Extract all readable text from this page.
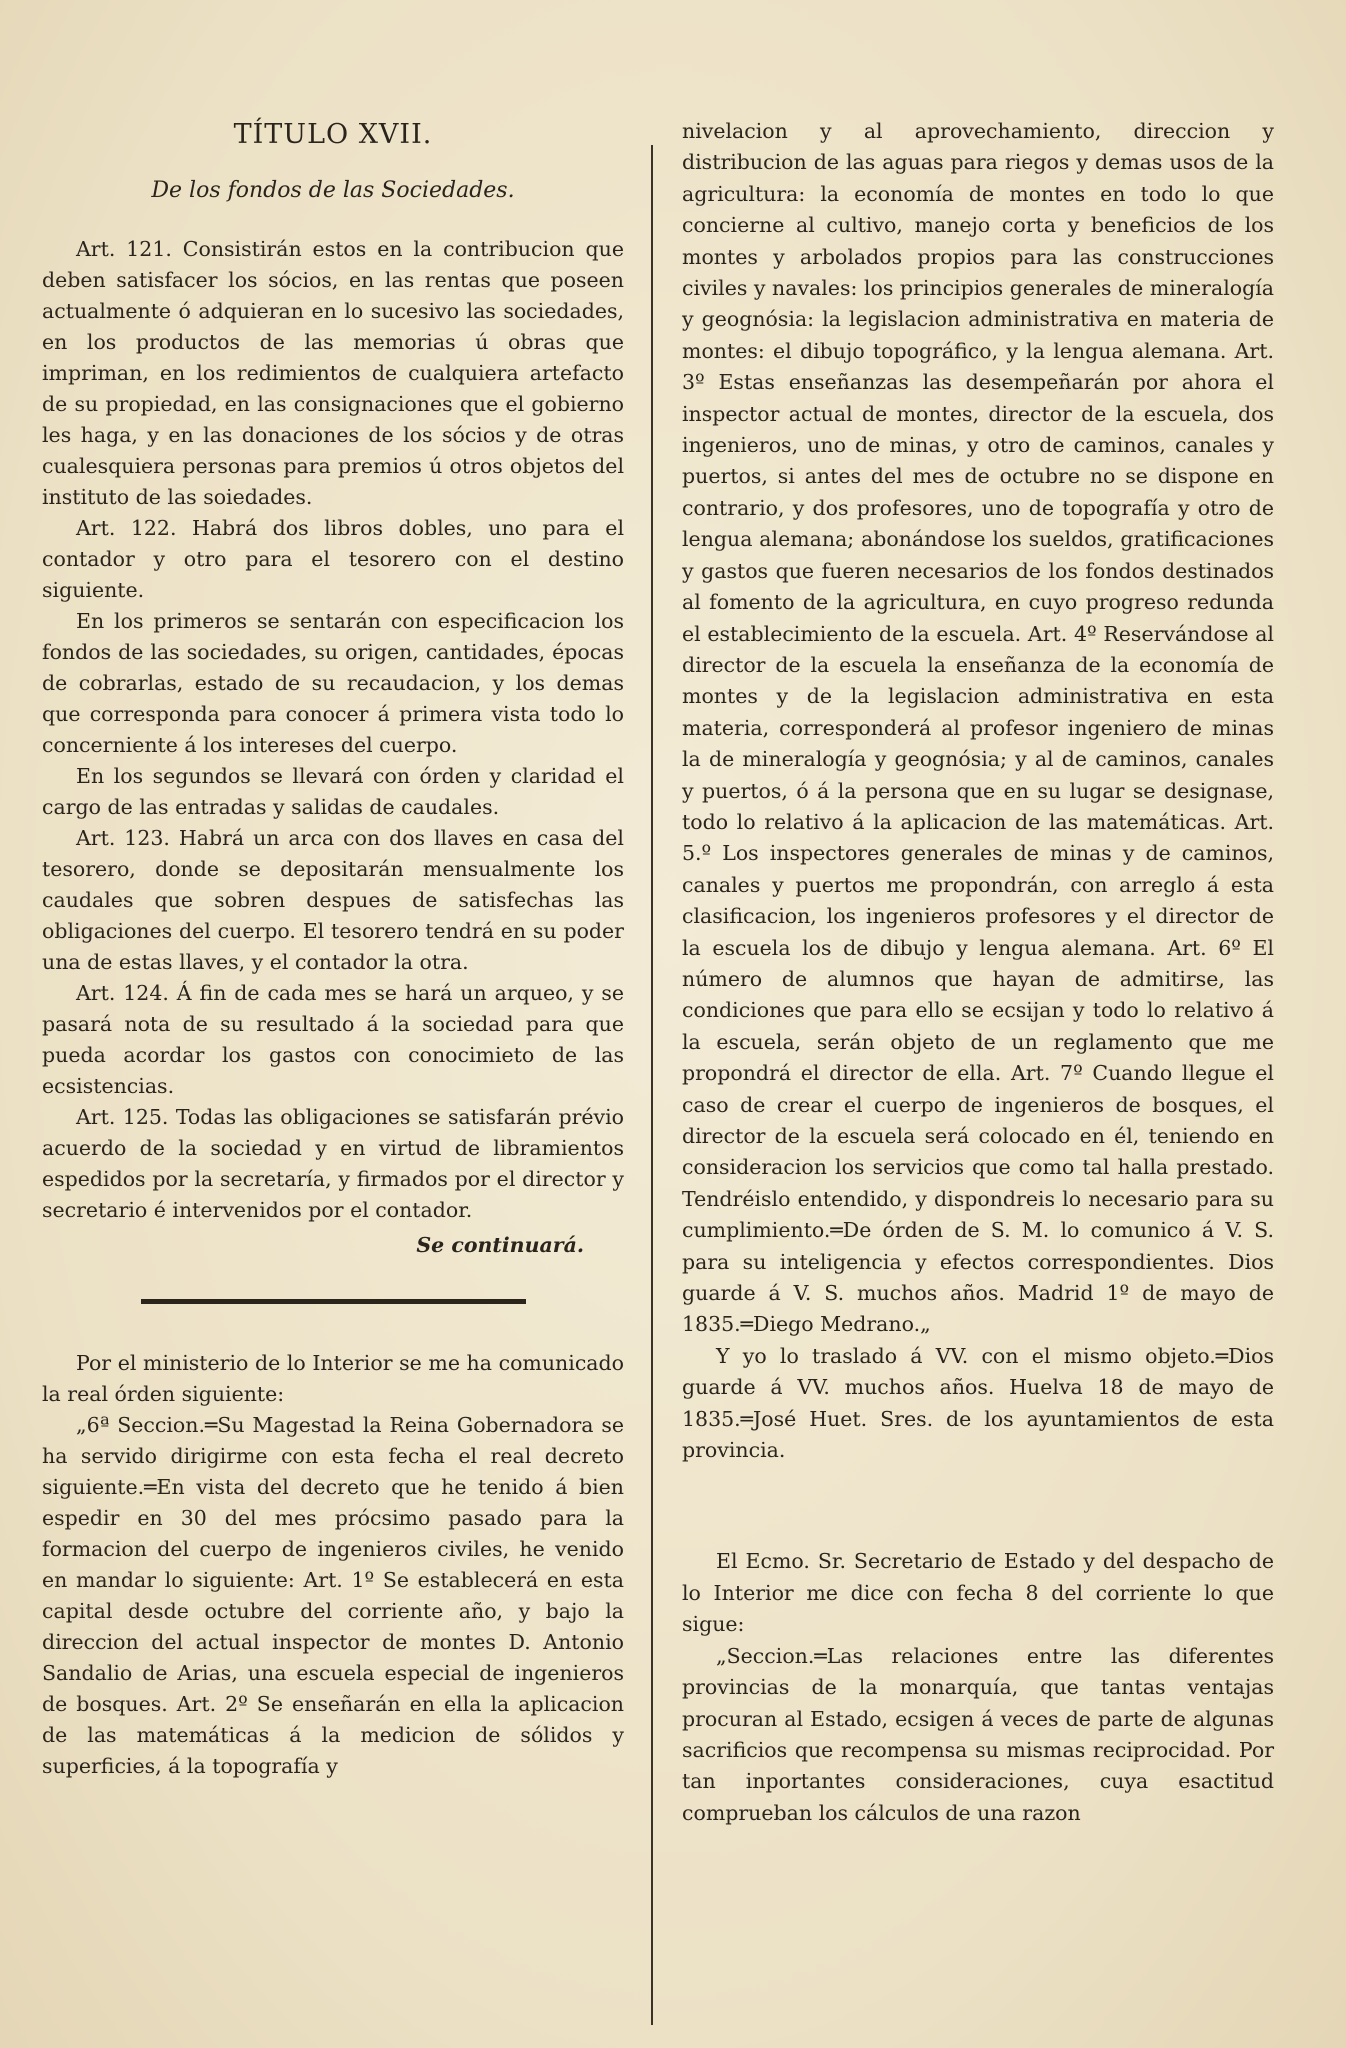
TÍTULO XVII.
De los fondos de las Sociedades.

Art. 121. Consistirán estos en la contribucion que deben satisfacer los sócios, en las rentas que poseen actualmente ó adquieran en lo sucesivo las sociedades, en los productos de las memorias ú obras que impriman, en los redimientos de cualquiera artefacto de su propiedad, en las consignaciones que el gobierno les haga, y en las donaciones de los sócios y de otras cualesquiera personas para premios ú otros objetos del instituto de las soiedades.

Art. 122. Habrá dos libros dobles, uno para el contador y otro para el tesorero con el destino siguiente.

En los primeros se sentarán con especificacion los fondos de las sociedades, su origen, cantidades, épocas de cobrarlas, estado de su recaudacion, y los demas que corresponda para conocer á primera vista todo lo concerniente á los intereses del cuerpo.

En los segundos se llevará con órden y claridad el cargo de las entradas y salidas de caudales.

Art. 123. Habrá un arca con dos llaves en casa del tesorero, donde se depositarán mensualmente los caudales que sobren despues de satisfechas las obligaciones del cuerpo. El tesorero tendrá en su poder una de estas llaves, y el contador la otra.

Art. 124. Á fin de cada mes se hará un arqueo, y se pasará nota de su resultado á la sociedad para que pueda acordar los gastos con conocimieto de las ecsistencias.

Art. 125. Todas las obligaciones se satisfarán prévio acuerdo de la sociedad y en virtud de libramientos espedidos por la secretaría, y firmados por el director y secretario é intervenidos por el contador.

Se continuará.

Por el ministerio de lo Interior se me ha comunicado la real órden siguiente:

„6ª Seccion.═Su Magestad la Reina Gobernadora se ha servido dirigirme con esta fecha el real decreto siguiente.═En vista del decreto que he tenido á bien espedir en 30 del mes prócsimo pasado para la formacion del cuerpo de ingenieros civiles, he venido en mandar lo siguiente: Art. 1º Se establecerá en esta capital desde octubre del corriente año, y bajo la direccion del actual inspector de montes D. Antonio Sandalio de Arias, una escuela especial de ingenieros de bosques. Art. 2º Se enseñarán en ella la aplicacion de las matemáticas á la medicion de sólidos y superficies, á la topografía y

nivelacion y al aprovechamiento, direccion y distribucion de las aguas para riegos y demas usos de la agricultura: la economía de montes en todo lo que concierne al cultivo, manejo corta y beneficios de los montes y arbolados propios para las construcciones civiles y navales: los principios generales de mineralogía y geognósia: la legislacion administrativa en materia de montes: el dibujo topográfico, y la lengua alemana. Art. 3º Estas enseñanzas las desempeñarán por ahora el inspector actual de montes, director de la escuela, dos ingenieros, uno de minas, y otro de caminos, canales y puertos, si antes del mes de octubre no se dispone en contrario, y dos profesores, uno de topografía y otro de lengua alemana; abonándose los sueldos, gratificaciones y gastos que fueren necesarios de los fondos destinados al fomento de la agricultura, en cuyo progreso redunda el establecimiento de la escuela. Art. 4º Reservándose al director de la escuela la enseñanza de la economía de montes y de la legislacion administrativa en esta materia, corresponderá al profesor ingeniero de minas la de mineralogía y geognósia; y al de caminos, canales y puertos, ó á la persona que en su lugar se designase, todo lo relativo á la aplicacion de las matemáticas. Art. 5.º Los inspectores generales de minas y de caminos, canales y puertos me propondrán, con arreglo á esta clasificacion, los ingenieros profesores y el director de la escuela los de dibujo y lengua alemana. Art. 6º El número de alumnos que hayan de admitirse, las condiciones que para ello se ecsijan y todo lo relativo á la escuela, serán objeto de un reglamento que me propondrá el director de ella. Art. 7º Cuando llegue el caso de crear el cuerpo de ingenieros de bosques, el director de la escuela será colocado en él, teniendo en consideracion los servicios que como tal halla prestado. Tendréislo entendido, y dispondreis lo necesario para su cumplimiento.═De órden de S. M. lo comunico á V. S. para su inteligencia y efectos correspondientes. Dios guarde á V. S. muchos años. Madrid 1º de mayo de 1835.═Diego Medrano.„

Y yo lo traslado á VV. con el mismo objeto.═Dios guarde á VV. muchos años. Huelva 18 de mayo de 1835.═José Huet. Sres. de los ayuntamientos de esta provincia.

El Ecmo. Sr. Secretario de Estado y del despacho de lo Interior me dice con fecha 8 del corriente lo que sigue:

„Seccion.═Las relaciones entre las diferentes provincias de la monarquía, que tantas ventajas procuran al Estado, ecsigen á veces de parte de algunas sacrificios que recompensa su mismas reciprocidad. Por tan inportantes consideraciones, cuya esactitud comprueban los cálculos de una razon
